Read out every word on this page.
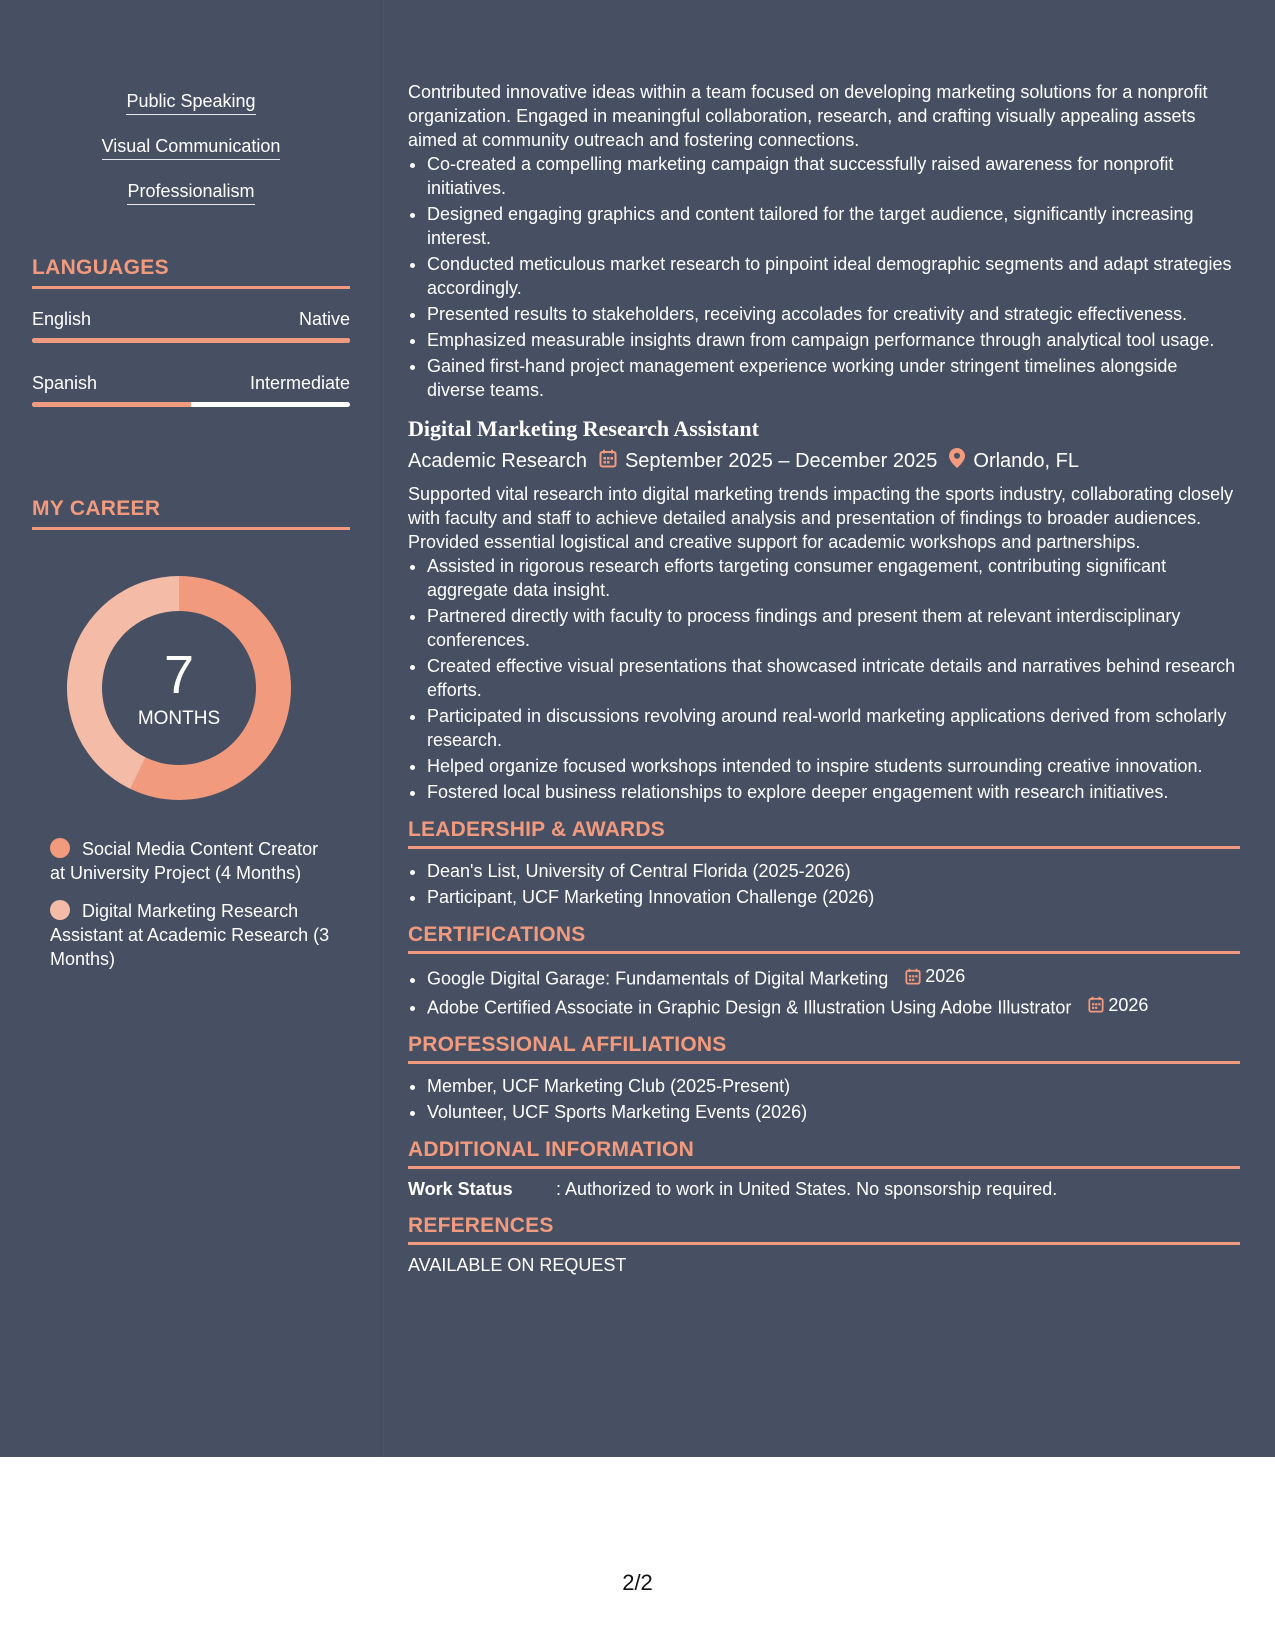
Public Speaking
Visual Communication
Professionalism
LANGUAGES
English	Native
Spanish	Intermediate
MY CAREER
7
MONTHS
Social Media Content Creator at University Project (4 Months)
Digital Marketing Research Assistant at Academic Research (3 Months)

Contributed innovative ideas within a team focused on developing marketing solutions for a nonprofit organization. Engaged in meaningful collaboration, research, and crafting visually appealing assets aimed at community outreach and fostering connections.

• Co-created a compelling marketing campaign that successfully raised awareness for nonprofit initiatives.
• Designed engaging graphics and content tailored for the target audience, significantly increasing interest.
• Conducted meticulous market research to pinpoint ideal demographic segments and adapt strategies accordingly.
• Presented results to stakeholders, receiving accolades for creativity and strategic effectiveness.
• Emphasized measurable insights drawn from campaign performance through analytical tool usage.
• Gained first-hand project management experience working under stringent timelines alongside diverse teams.
Digital Marketing Research Assistant
Academic Research September 2025 – December 2025 Orlando, FL

Supported vital research into digital marketing trends impacting the sports industry, collaborating closely with faculty and staff to achieve detailed analysis and presentation of findings to broader audiences. Provided essential logistical and creative support for academic workshops and partnerships.

• Assisted in rigorous research efforts targeting consumer engagement, contributing significant aggregate data insight.
• Partnered directly with faculty to process findings and present them at relevant interdisciplinary conferences.
• Created effective visual presentations that showcased intricate details and narratives behind research efforts.
• Participated in discussions revolving around real-world marketing applications derived from scholarly research.
• Helped organize focused workshops intended to inspire students surrounding creative innovation.
• Fostered local business relationships to explore deeper engagement with research initiatives.
LEADERSHIP & AWARDS
• Dean's List, University of Central Florida (2025-2026)
• Participant, UCF Marketing Innovation Challenge (2026)
CERTIFICATIONS
• Google Digital Garage: Fundamentals of Digital Marketing 2026
• Adobe Certified Associate in Graphic Design & Illustration Using Adobe Illustrator 2026
PROFESSIONAL AFFILIATIONS
• Member, UCF Marketing Club (2025-Present)
• Volunteer, UCF Sports Marketing Events (2026)
ADDITIONAL INFORMATION
Work Status	: Authorized to work in United States. No sponsorship required.
REFERENCES
AVAILABLE ON REQUEST
2/2
